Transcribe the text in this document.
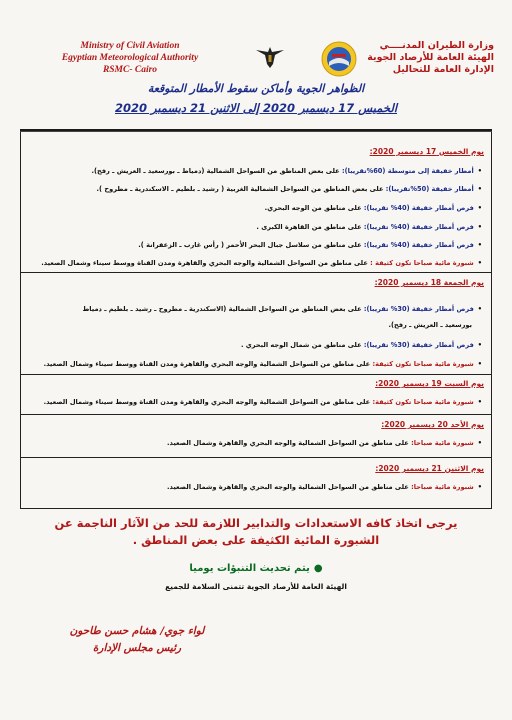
Ministry of Civil Aviation
Egyptian Meteorological Authority
RSMC- Cairo
وزارة الطيران المدنــــي
الهيئة العامة للأرصاد الجوية
الإدارة العامة للتحاليل
الظواهر الجوية وأماكن سقوط الأمطار المتوقعة
الخميس 17 ديسمبر 2020 إلى الاثنين 21 ديسمبر 2020
يوم الخميس 17 ديسمبر 2020:
•أمطار خفيفة إلى متوسطة (60%تقريبا): على بعض المناطق من السواحل الشمالية (دمياط ـ بورسعيد ـ العريش ـ رفح).
•أمطار خفيفة (50%تقريبا): على بعض المناطق من السواحل الشمالية الغربية ( رشيد ـ بلطيم ـ الاسكندرية ـ مطروح ).
•فرص أمطار خفيفة (40% تقريبا): على مناطق من الوجه البحري.
•فرص أمطار خفيفة (40% تقريبا): على مناطق من القاهرة الكبرى .
•فرص أمطار خفيفة (40% تقريبا): على مناطق من سلاسل جبال البحر الأحمر ( رأس غارب ـ الزعفرانة ).
•شبورة مائية صباحا تكون كثيفة : على مناطق من السواحل الشمالية والوجه البحري والقاهرة ومدن القناة ووسط سيناء وشمال الصعيد.
يوم الجمعة 18 ديسمبر 2020:
•فرص أمطار خفيفة (30% تقريبا): على بعض المناطق من السواحل الشمالية (الاسكندرية ـ مطروح ـ رشيد ـ بلطيم ـ دمياط
بورسعيد ـ العريش ـ رفح).
•فرص أمطار خفيفة (30% تقريبا): على مناطق من شمال الوجه البحري .
•شبورة مائية صباحا تكون كثيفة: على مناطق من السواحل الشمالية والوجه البحري والقاهرة ومدن القناة ووسط سيناء وشمال الصعيد.
يوم السبت 19 ديسمبر 2020:
•شبورة مائية صباحا تكون كثيفة: على مناطق من السواحل الشمالية والوجه البحري والقاهرة ومدن القناة ووسط سيناء وشمال الصعيد.
يوم الأحد 20 ديسمبر 2020:
•شبورة مائية صباحا: على مناطق من السواحل الشمالية والوجه البحري والقاهرة وشمال الصعيد.
يوم الاثنين 21 ديسمبر 2020:
•شبورة مائية صباحا: على مناطق من السواحل الشمالية والوجه البحري والقاهرة وشمال الصعيد.
يرجى اتخاذ كافه الاستعدادات والتدابير اللازمة للحد من الآثار الناجمة عن
الشبورة المائية الكثيفة على بعض المناطق .
●يتم تحديث التنبؤات يوميا
الهيئة العامة للأرصاد الجوية تتمنى السلامة للجميع
لواء جوي/ هشام حسن طاحون
رئيس مجلس الإدارة
